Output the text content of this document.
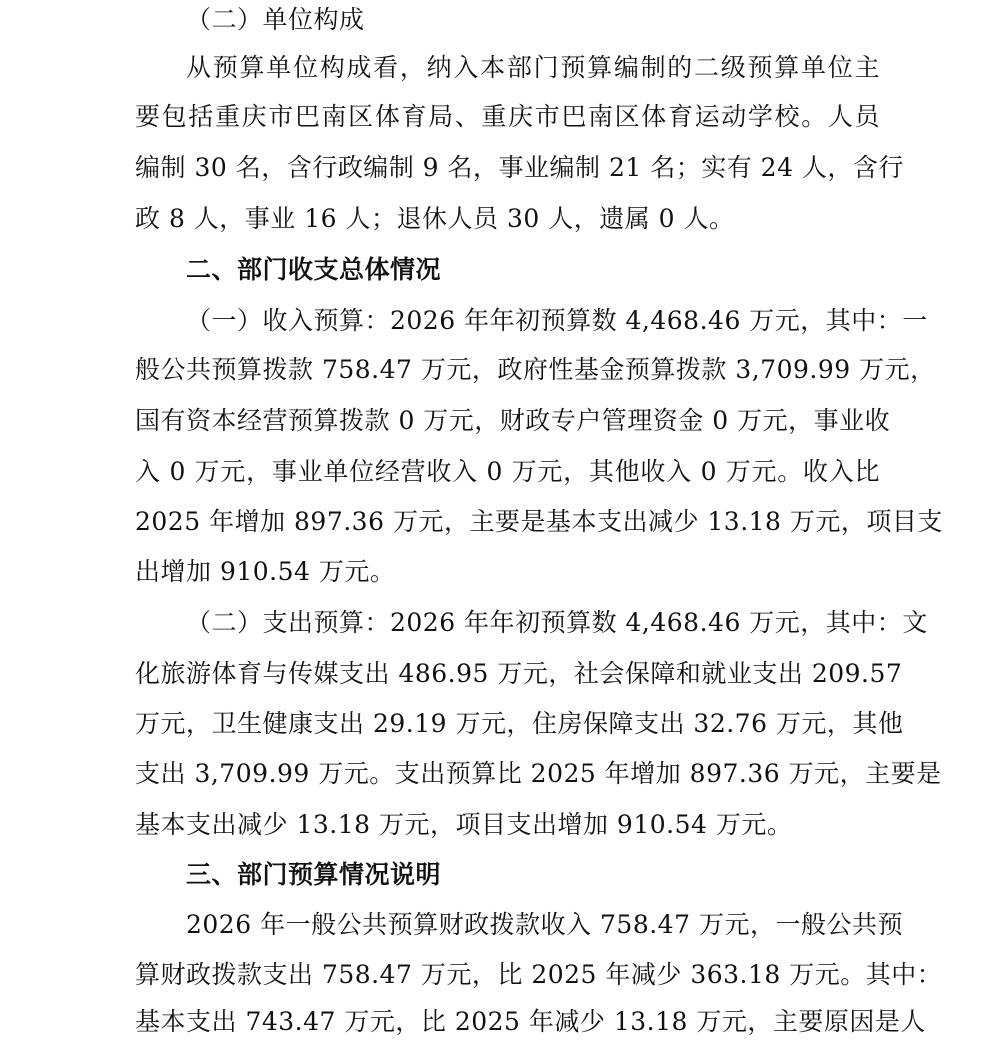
（二）单位构成
从预算单位构成看，纳入本部门预算编制的二级预算单位主
要包括重庆市巴南区体育局、重庆市巴南区体育运动学校。人员
编制 30 名，含行政编制 9 名，事业编制 21 名；实有 24 人，含行
政 8 人，事业 16 人；退休人员 30 人，遗属 0 人。
二、部门收支总体情况
（一）收入预算：2026 年年初预算数 4,468.46 万元，其中：一
般公共预算拨款 758.47 万元，政府性基金预算拨款 3,709.99 万元，
国有资本经营预算拨款 0 万元，财政专户管理资金 0 万元，事业收
入 0 万元，事业单位经营收入 0 万元，其他收入 0 万元。收入比
2025 年增加 897.36 万元，主要是基本支出减少 13.18 万元，项目支
出增加 910.54 万元。
（二）支出预算：2026 年年初预算数 4,468.46 万元，其中：文
化旅游体育与传媒支出 486.95 万元，社会保障和就业支出 209.57
万元，卫生健康支出 29.19 万元，住房保障支出 32.76 万元，其他
支出 3,709.99 万元。支出预算比 2025 年增加 897.36 万元，主要是
基本支出减少 13.18 万元，项目支出增加 910.54 万元。
三、部门预算情况说明
2026 年一般公共预算财政拨款收入 758.47 万元，一般公共预
算财政拨款支出 758.47 万元，比 2025 年减少 363.18 万元。其中：
基本支出 743.47 万元，比 2025 年减少 13.18 万元，主要原因是人
